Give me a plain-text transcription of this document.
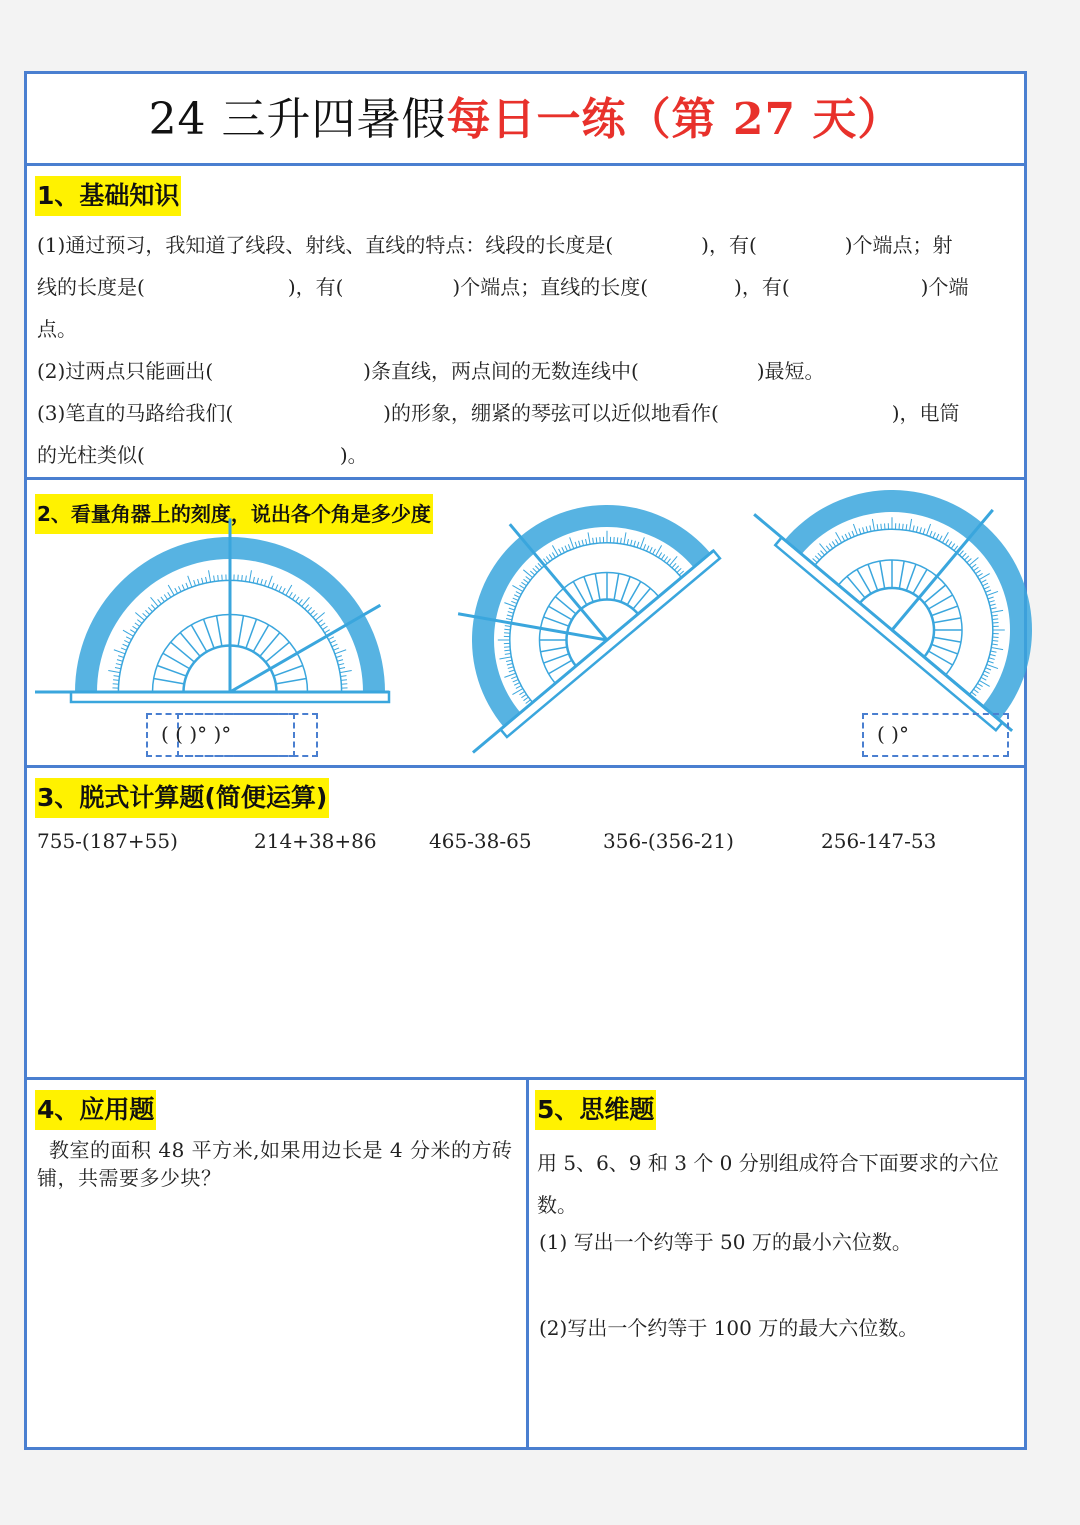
24 三升四暑假每日一练（第 27 天）
1、基础知识
(1)通过预习，我知道了线段、射线、直线的特点：线段的长度是(	)，有(	)个端点；射
线的长度是(	)，有(	)个端点；直线的长度(	)，有(	)个端
点。
(2)过两点只能画出(	)条直线，两点间的无数连线中(	)最短。
(3)笔直的马路给我们(	)的形象，绷紧的琴弦可以近似地看作(	)，电筒
的光柱类似(	)。
2、看量角器上的刻度，说出各个角是多少度
( ( )° )°	( )°
3、脱式计算题(简便运算)
755-(187+55)	214+38+86	465-38-65	356-(356-21)	256-147-53
4、应用题
教室的面积 48 平方米,如果用边长是 4 分米的方砖铺，共需要多少块？
5、思维题
用 5、6、9 和 3 个 0 分别组成符合下面要求的六位数。
(1) 写出一个约等于 50 万的最小六位数。
(2)写出一个约等于 100 万的最大六位数。
